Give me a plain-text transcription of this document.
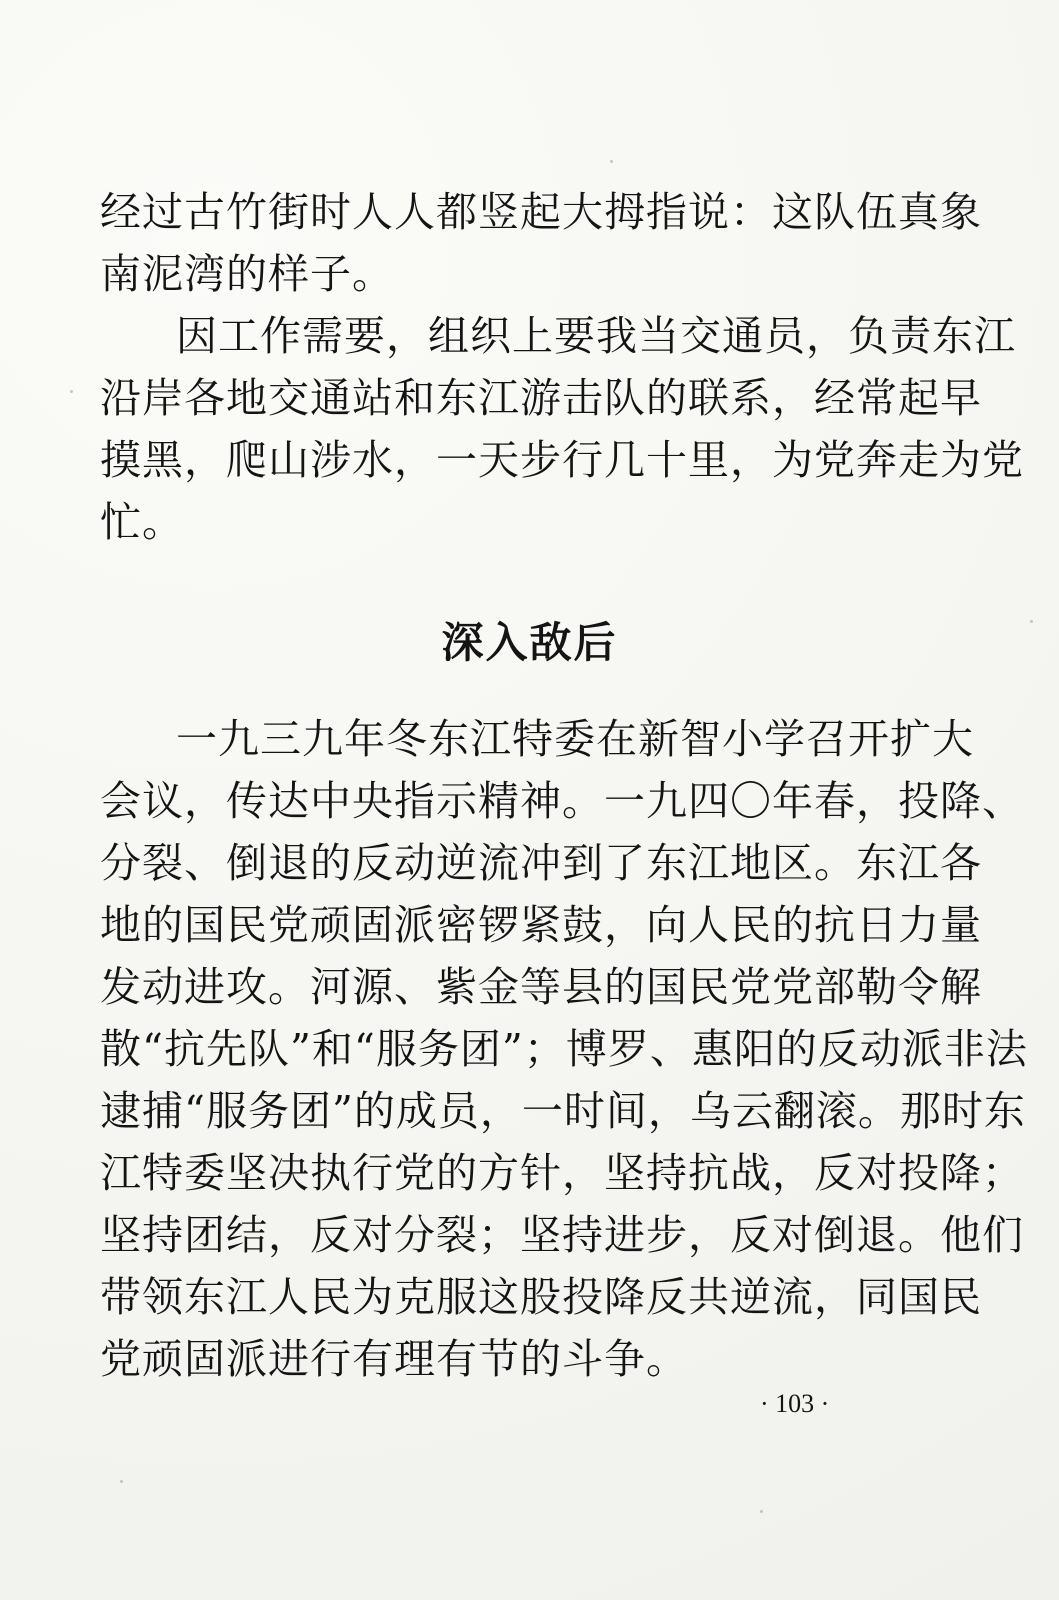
经过古竹街时人人都竖起大拇指说：这队伍真象

南泥湾的样子。

因工作需要，组织上要我当交通员，负责东江

沿岸各地交通站和东江游击队的联系，经常起早

摸黑，爬山涉水，一天步行几十里，为党奔走为党

忙。

深入敌后

一九三九年冬东江特委在新智小学召开扩大

会议，传达中央指示精神。一九四〇年春，投降、

分裂、倒退的反动逆流冲到了东江地区。东江各

地的国民党顽固派密锣紧鼓，向人民的抗日力量

发动进攻。河源、紫金等县的国民党党部勒令解

散“抗先队”和“服务团”；博罗、惠阳的反动派非法

逮捕“服务团”的成员，一时间，乌云翻滚。那时东

江特委坚决执行党的方针，坚持抗战，反对投降；

坚持团结，反对分裂；坚持进步，反对倒退。他们

带领东江人民为克服这股投降反共逆流，同国民

党顽固派进行有理有节的斗争。

· 103 ·
